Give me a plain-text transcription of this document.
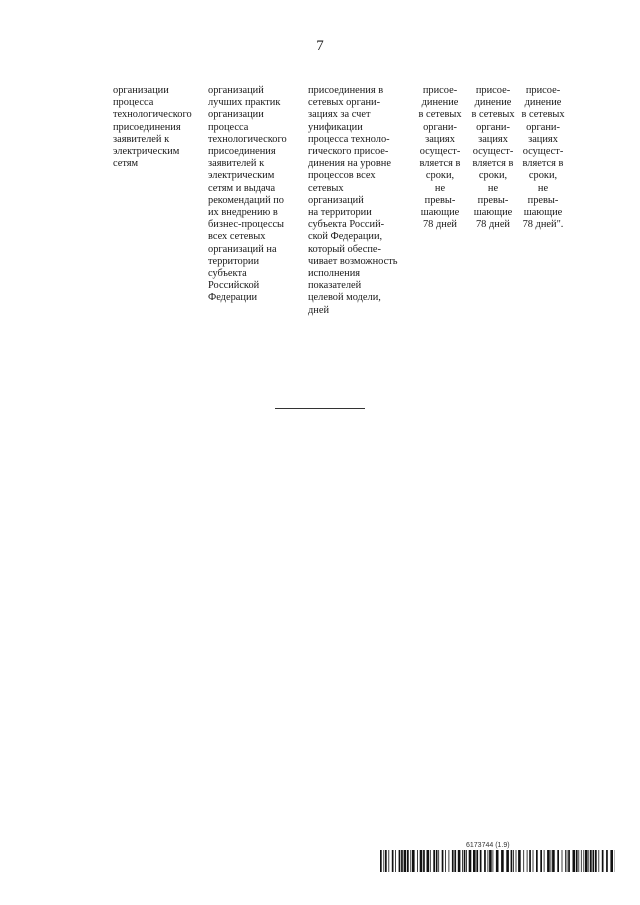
7
организации
процесса
технологического
присоединения
заявителей к
электрическим
сетям
организаций
лучших практик
организации
процесса
технологического
присоединения
заявителей к
электрическим
сетям и выдача
рекомендаций по
их внедрению в
бизнес-процессы
всех сетевых
организаций на
территории
субъекта
Российской
Федерации
присоединения в
сетевых органи-
зациях за счет
унификации
процесса техноло-
гического присое-
динения на уровне
процессов всех
сетевых
организаций
на территории
субъекта Россий-
ской Федерации,
который обеспе-
чивает возможность
исполнения
показателей
целевой модели,
дней
присое-
динение
в сетевых
органи-
зациях
осущест-
вляется в
сроки,
не
превы-
шающие
78 дней
присое-
динение
в сетевых
органи-
зациях
осущест-
вляется в
сроки,
не
превы-
шающие
78 дней
присое-
динение
в сетевых
органи-
зациях
осущест-
вляется в
сроки,
не
превы-
шающие
78 дней".
6173744 (1.9)
